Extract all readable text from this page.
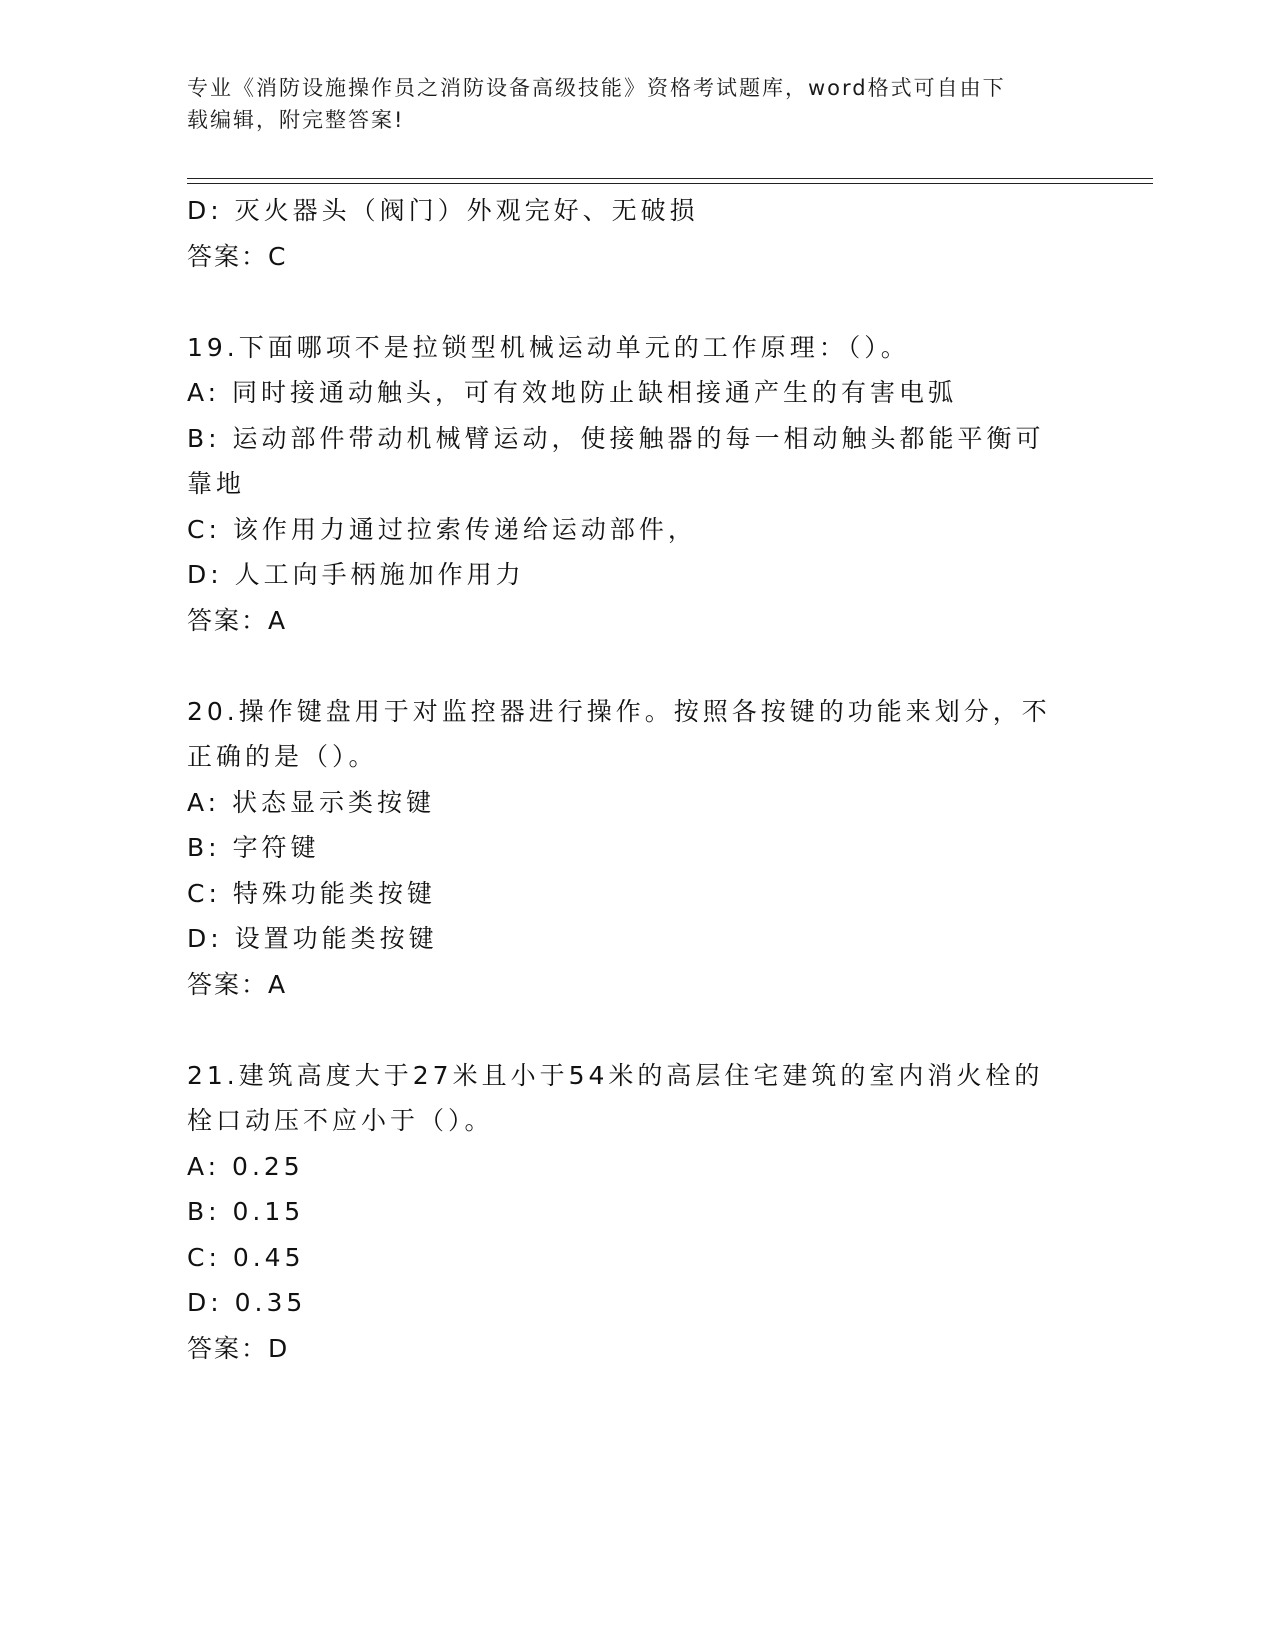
专业《消防设施操作员之消防设备高级技能》资格考试题库，word格式可自由下
载编辑，附完整答案!
D: 灭火器头（阀门）外观完好、无破损
答案：C
19.下面哪项不是拉锁型机械运动单元的工作原理：（）。
A: 同时接通动触头，可有效地防止缺相接通产生的有害电弧
B: 运动部件带动机械臂运动，使接触器的每一相动触头都能平衡可靠地
C: 该作用力通过拉索传递给运动部件，
D: 人工向手柄施加作用力
答案：A
20.操作键盘用于对监控器进行操作。按照各按键的功能来划分，不正确的是（）。
A: 状态显示类按键
B: 字符键
C: 特殊功能类按键
D: 设置功能类按键
答案：A
21.建筑高度大于27米且小于54米的高层住宅建筑的室内消火栓的栓口动压不应小于（）。
A: 0.25
B: 0.15
C: 0.45
D: 0.35
答案：D
